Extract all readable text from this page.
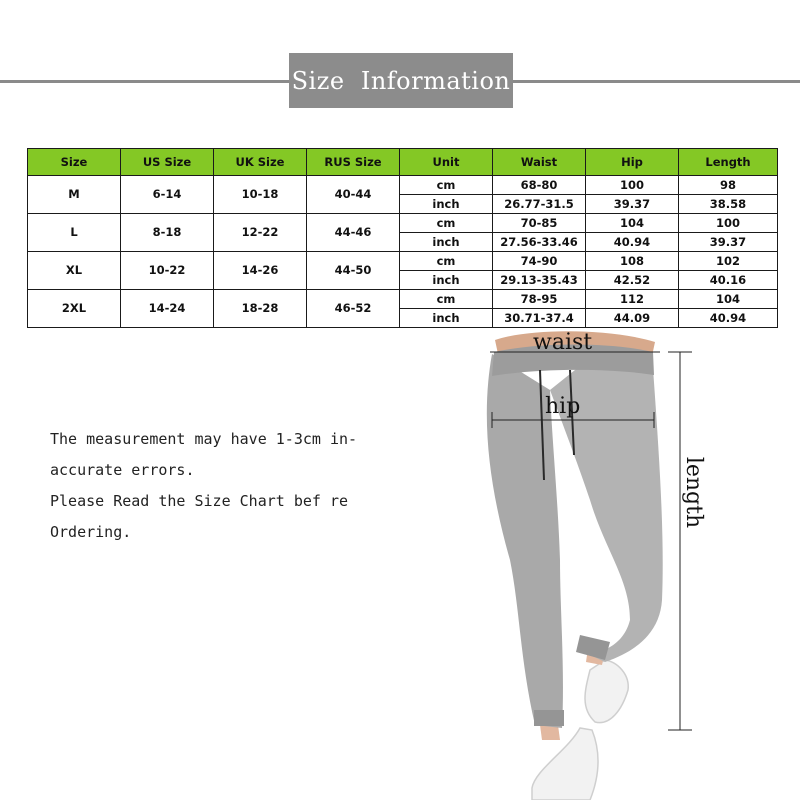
Size  Information
Size	US Size	UK Size	RUS Size	Unit	Waist	Hip	Length
M	6-14	10-18	40-44	cm	68-80	100	98
				inch	26.77-31.5	39.37	38.58
L	8-18	12-22	44-46	cm	70-85	104	100
				inch	27.56-33.46	40.94	39.37
XL	10-22	14-26	44-50	cm	74-90	108	102
				inch	29.13-35.43	42.52	40.16
2XL	14-24	18-28	46-52	cm	78-95	112	104
				inch	30.71-37.4	44.09	40.94
The measurement may have 1-3cm in-
accurate errors.
Please Read the Size Chart bef re
Ordering.
waist
hip
length
